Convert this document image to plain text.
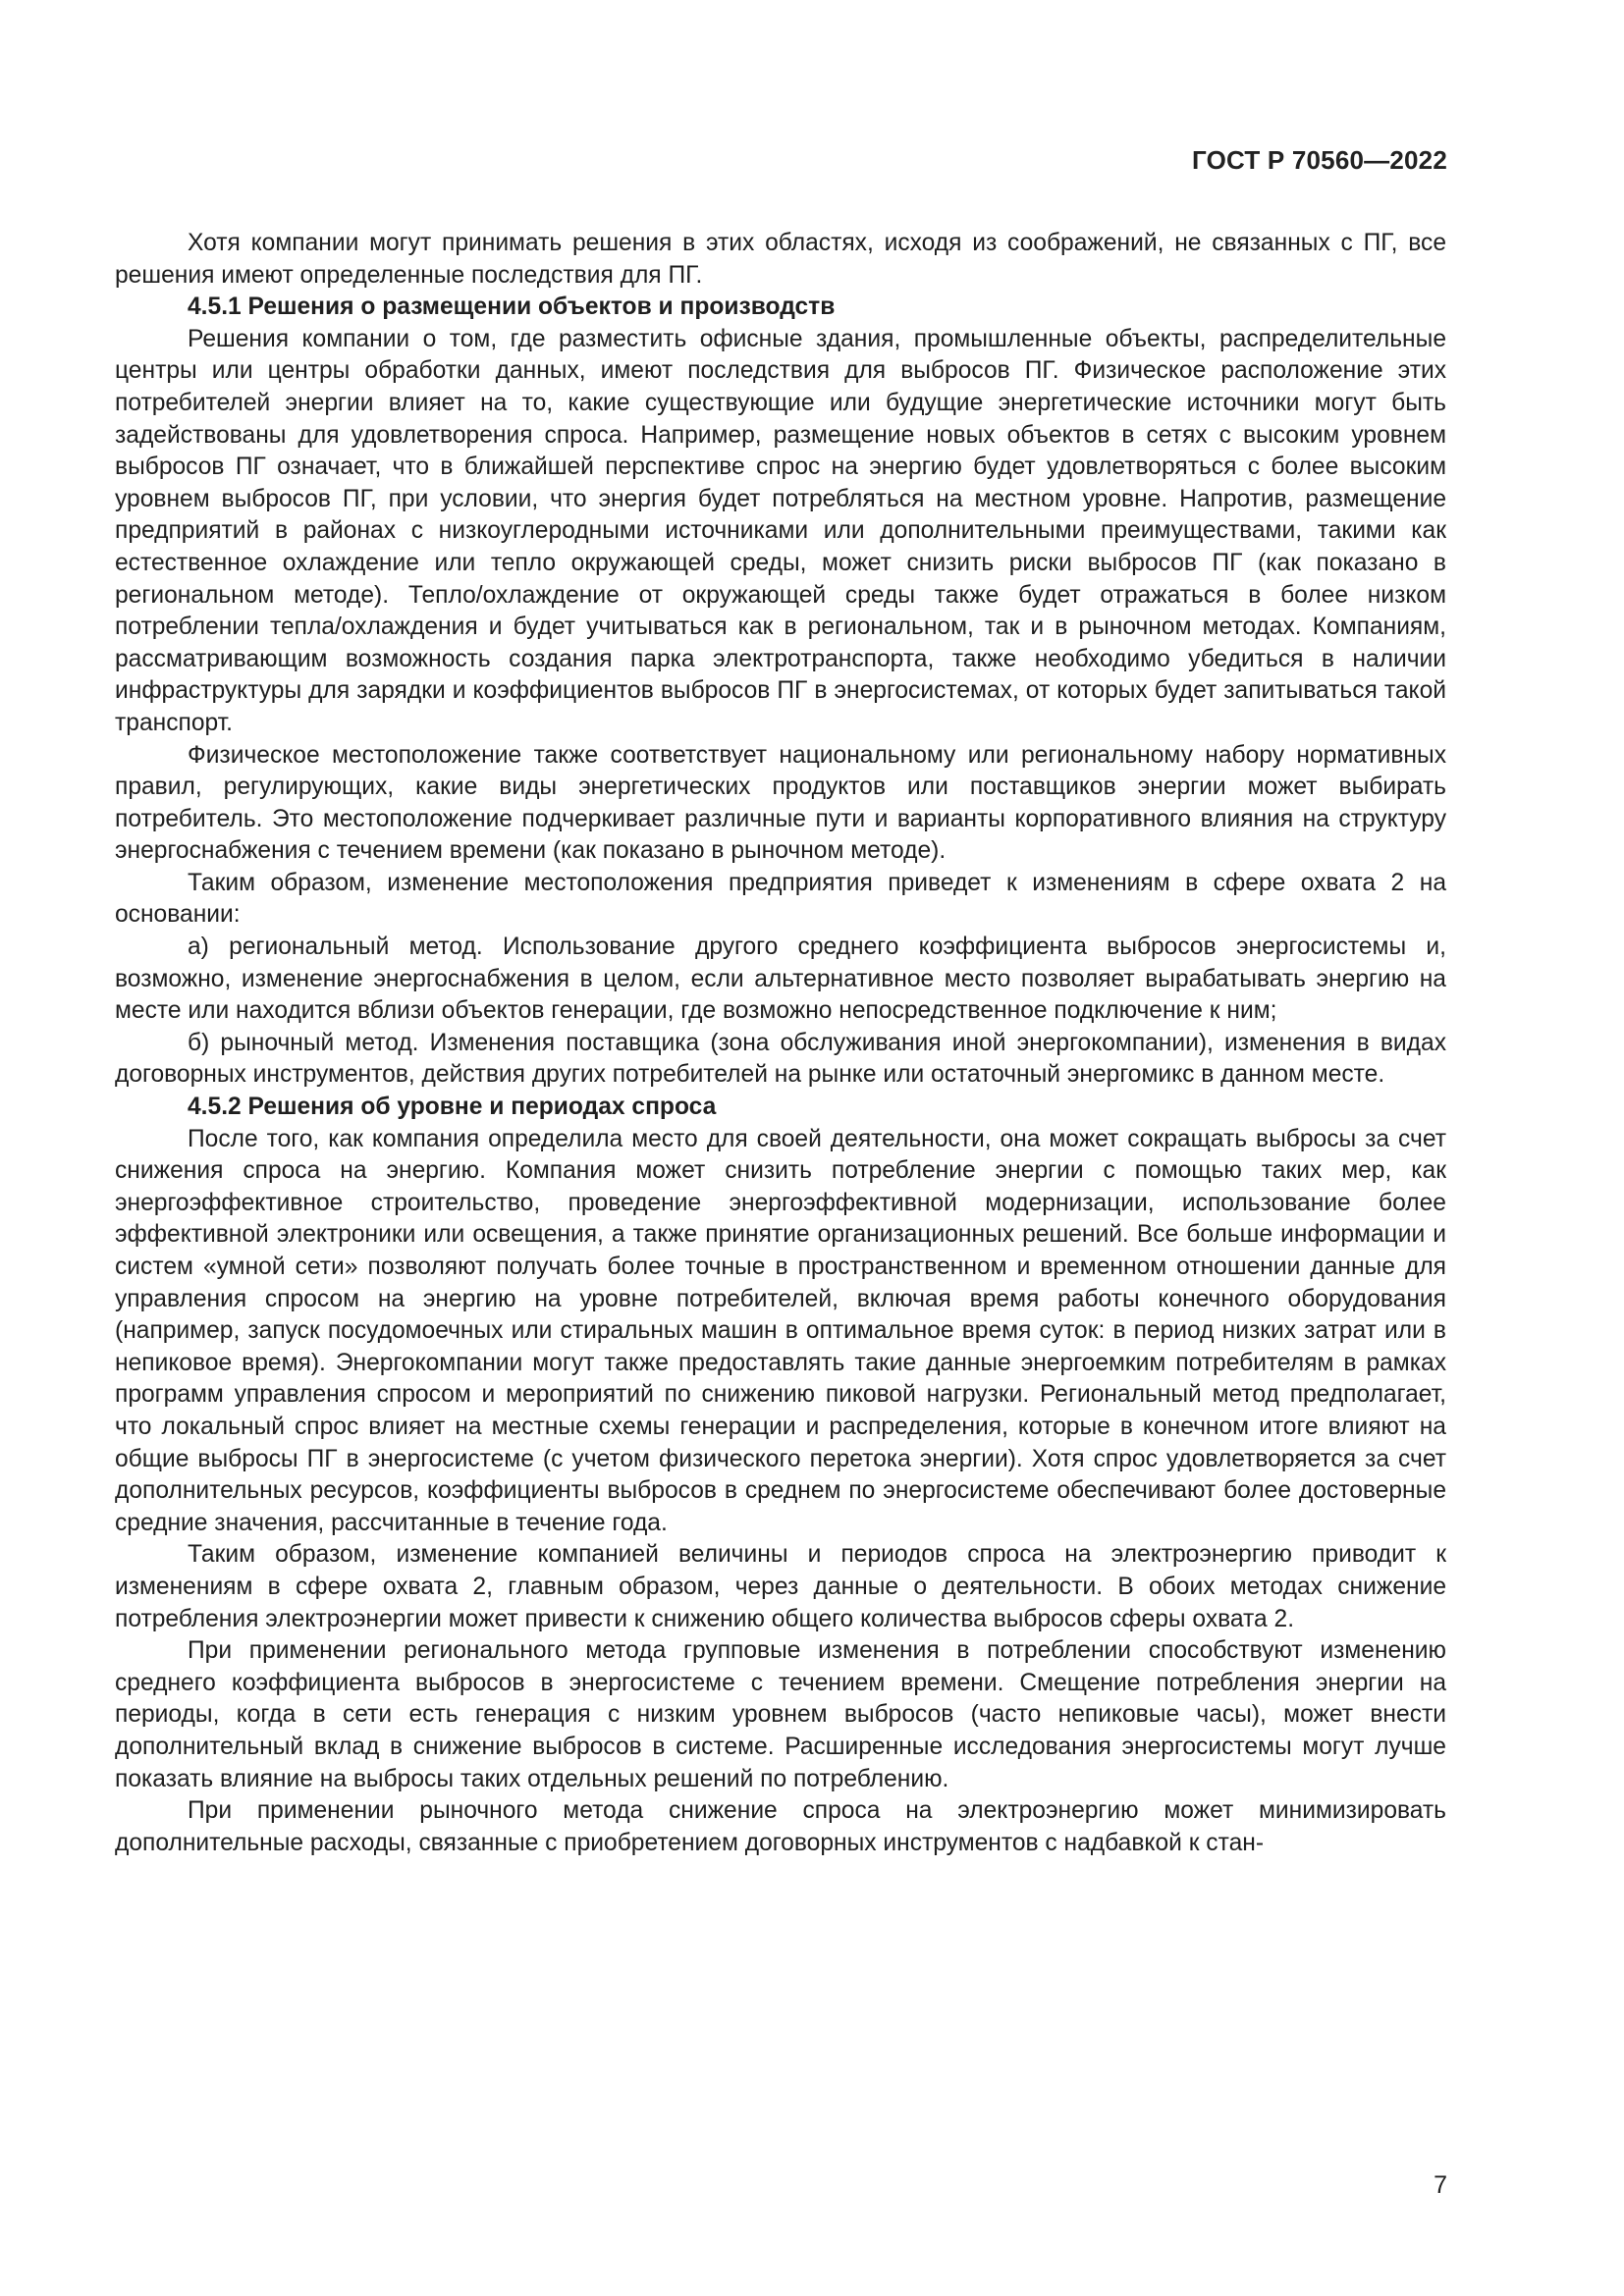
ГОСТ Р 70560—2022

Хотя компании могут принимать решения в этих областях, исходя из соображений, не связанных с ПГ, все решения имеют определенные последствия для ПГ.

4.5.1 Решения о размещении объектов и производств

Решения компании о том, где разместить офисные здания, промышленные объекты, распределительные центры или центры обработки данных, имеют последствия для выбросов ПГ. Физическое расположение этих потребителей энергии влияет на то, какие существующие или будущие энергетические источники могут быть задействованы для удовлетворения спроса. Например, размещение новых объектов в сетях с высоким уровнем выбросов ПГ означает, что в ближайшей перспективе спрос на энергию будет удовлетворяться с более высоким уровнем выбросов ПГ, при условии, что энергия будет потребляться на местном уровне. Напротив, размещение предприятий в районах с низкоуглеродными источниками или дополнительными преимуществами, такими как естественное охлаждение или тепло окружающей среды, может снизить риски выбросов ПГ (как показано в региональном методе). Тепло/охлаждение от окружающей среды также будет отражаться в более низком потреблении тепла/охлаждения и будет учитываться как в региональном, так и в рыночном методах. Компаниям, рассматривающим возможность создания парка электротранспорта, также необходимо убедиться в наличии инфраструктуры для зарядки и коэффициентов выбросов ПГ в энергосистемах, от которых будет запитываться такой транспорт.

Физическое местоположение также соответствует национальному или региональному набору нормативных правил, регулирующих, какие виды энергетических продуктов или поставщиков энергии может выбирать потребитель. Это местоположение подчеркивает различные пути и варианты корпоративного влияния на структуру энергоснабжения с течением времени (как показано в рыночном методе).

Таким образом, изменение местоположения предприятия приведет к изменениям в сфере охвата 2 на основании:

а) региональный метод. Использование другого среднего коэффициента выбросов энергосистемы и, возможно, изменение энергоснабжения в целом, если альтернативное место позволяет вырабатывать энергию на месте или находится вблизи объектов генерации, где возможно непосредственное подключение к ним;

б) рыночный метод. Изменения поставщика (зона обслуживания иной энергокомпании), изменения в видах договорных инструментов, действия других потребителей на рынке или остаточный энергомикс в данном месте.

4.5.2 Решения об уровне и периодах спроса

После того, как компания определила место для своей деятельности, она может сокращать выбросы за счет снижения спроса на энергию. Компания может снизить потребление энергии с помощью таких мер, как энергоэффективное строительство, проведение энергоэффективной модернизации, использование более эффективной электроники или освещения, а также принятие организационных решений. Все больше информации и систем «умной сети» позволяют получать более точные в пространственном и временном отношении данные для управления спросом на энергию на уровне потребителей, включая время работы конечного оборудования (например, запуск посудомоечных или стиральных машин в оптимальное время суток: в период низких затрат или в непиковое время). Энергокомпании могут также предоставлять такие данные энергоемким потребителям в рамках программ управления спросом и мероприятий по снижению пиковой нагрузки. Региональный метод предполагает, что локальный спрос влияет на местные схемы генерации и распределения, которые в конечном итоге влияют на общие выбросы ПГ в энергосистеме (с учетом физического перетока энергии). Хотя спрос удовлетворяется за счет дополнительных ресурсов, коэффициенты выбросов в среднем по энергосистеме обеспечивают более достоверные средние значения, рассчитанные в течение года.

Таким образом, изменение компанией величины и периодов спроса на электроэнергию приводит к изменениям в сфере охвата 2, главным образом, через данные о деятельности. В обоих методах снижение потребления электроэнергии может привести к снижению общего количества выбросов сферы охвата 2.

При применении регионального метода групповые изменения в потреблении способствуют изменению среднего коэффициента выбросов в энергосистеме с течением времени. Смещение потребления энергии на периоды, когда в сети есть генерация с низким уровнем выбросов (часто непиковые часы), может внести дополнительный вклад в снижение выбросов в системе. Расширенные исследования энергосистемы могут лучше показать влияние на выбросы таких отдельных решений по потреблению.

При применении рыночного метода снижение спроса на электроэнергию может минимизировать дополнительные расходы, связанные с приобретением договорных инструментов с надбавкой к стан-

7
